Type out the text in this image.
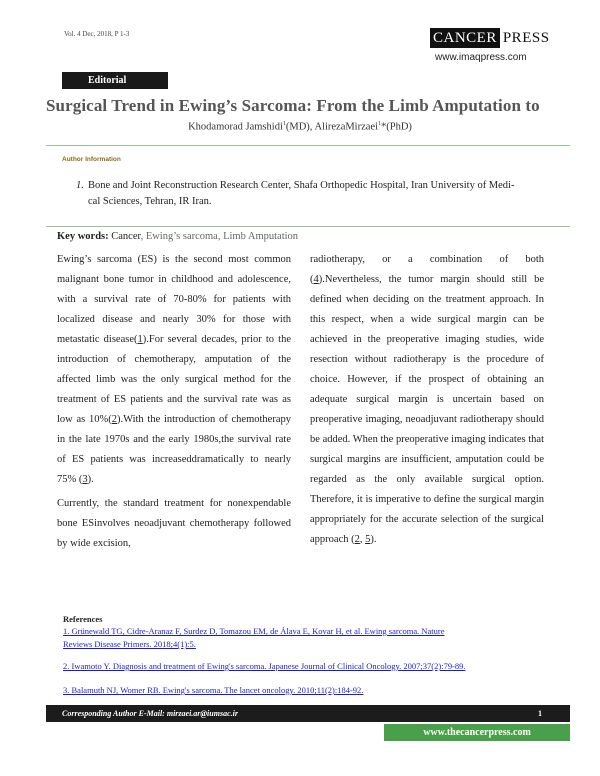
Vol. 4 Dec, 2018, P 1-3	CANCER PRESS
www.imaqpress.com
Editorial
Surgical Trend in Ewing’s Sarcoma: From the Limb Amputation to
Khodamorad Jamshidi$^1$(MD), AlirezaMirzaei$^1$*(PhD)
Author Information
1. Bone and Joint Reconstruction Research Center, Shafa Orthopedic Hospital, Iran University of Medi-
cal Sciences, Tehran, IR Iran.
Key words: Cancer, Ewing’s sarcoma, Limb Amputation

Ewing’s sarcoma (ES) is the second most common malignant bone tumor in childhood and adolescence, with a survival rate of 70-80% for patients with localized disease and nearly 30% for those with metastatic disease(1).For several decades, prior to the introduction of chemotherapy, amputation of the affected limb was the only surgical method for the treatment of ES patients and the survival rate was as low as 10%(2).With the introduction of chemotherapy in the late 1970s and the early 1980s,the survival rate of ES patients was increaseddramatically to nearly 75% (3).

Currently, the standard treatment for nonexpendable bone ESinvolves neoadjuvant chemotherapy followed by wide excision,

radiotherapy, or a combination of both (4).Nevertheless, the tumor margin should still be defined when deciding on the treatment approach. In this respect, when a wide surgical margin can be achieved in the preoperative imaging studies, wide resection without radiotherapy is the procedure of choice. However, if the prospect of obtaining an adequate surgical margin is uncertain based on preoperative imaging, neoadjuvant radiotherapy should be added. When the preoperative imaging indicates that surgical margins are insufficient, amputation could be regarded as the only available surgical option. Therefore, it is imperative to define the surgical margin appropriately for the accurate selection of the surgical approach (2, 5).

References
1. Grünewald TG, Cidre-Aranaz F, Surdez D, Tomazou EM, de Álava E, Kovar H, et al. Ewing sarcoma. Nature
Reviews Disease Primers. 2018;4(1):5.
2. Iwamoto Y. Diagnosis and treatment of Ewing's sarcoma. Japanese Journal of Clinical Oncology. 2007;37(2):79-89.
3. Balamuth NJ, Womer RB. Ewing's sarcoma. The lancet oncology. 2010;11(2):184-92.
Corresponding Author E-Mail: mirzaei.ar@iumsac.ir	1
www.thecancerpress.com
